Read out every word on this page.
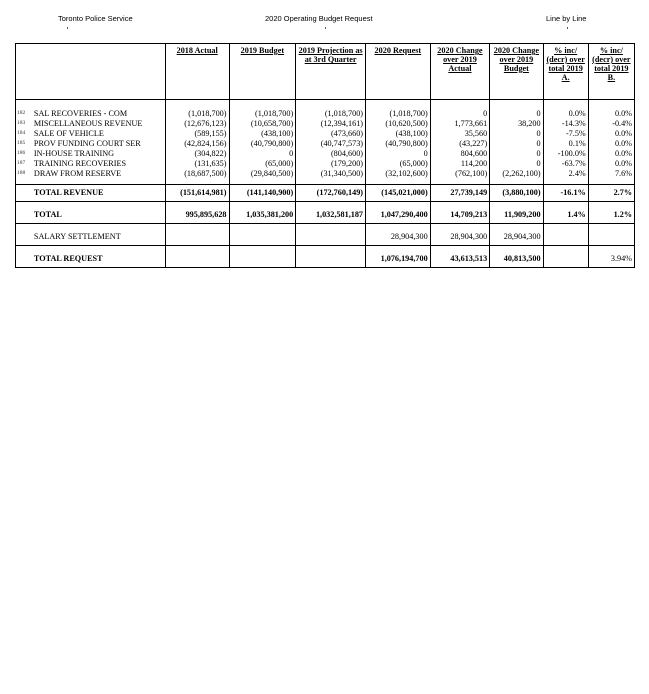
Toronto Police Service	2020 Operating Budget Request	Line by Line
		2018 Actual	2019 Budget	2019 Projection as at 3rd Quarter	2020 Request	2020 Change over 2019 Actual	2020 Change over 2019 Budget	% inc/ (decr) over total 2019 A.	% inc/ (decr) over total 2019 B.

182	SAL RECOVERIES - COM	(1,018,700)	(1,018,700)	(1,018,700)	(1,018,700)	0	0	0.0%	0.0%
183	MISCELLANEOUS REVENUE	(12,676,123)	(10,658,700)	(12,394,161)	(10,620,500)	1,773,661	38,200	-14.3%	-0.4%
184	SALE OF VEHICLE	(589,155)	(438,100)	(473,660)	(438,100)	35,560	0	-7.5%	0.0%
185	PROV FUNDING COURT SER	(42,824,156)	(40,790,800)	(40,747,573)	(40,790,800)	(43,227)	0	0.1%	0.0%
186	IN-HOUSE TRAINING	(304,822)	0	(804,600)	0	804,600	0	-100.0%	0.0%
187	TRAINING RECOVERIES	(131,635)	(65,000)	(179,200)	(65,000)	114,200	0	-63.7%	0.0%
188	DRAW FROM RESERVE	(18,687,500)	(29,840,500)	(31,340,500)	(32,102,600)	(762,100)	(2,262,100)	2.4%	7.6%

	TOTAL REVENUE	(151,614,981)	(141,140,900)	(172,760,149)	(145,021,000)	27,739,149	(3,880,100)	-16.1%	2.7%

	TOTAL	995,895,628	1,035,381,200	1,032,581,187	1,047,290,400	14,709,213	11,909,200	1.4%	1.2%

	SALARY SETTLEMENT				28,904,300	28,904,300	28,904,300		

	TOTAL REQUEST				1,076,194,700	43,613,513	40,813,500		3.94%
